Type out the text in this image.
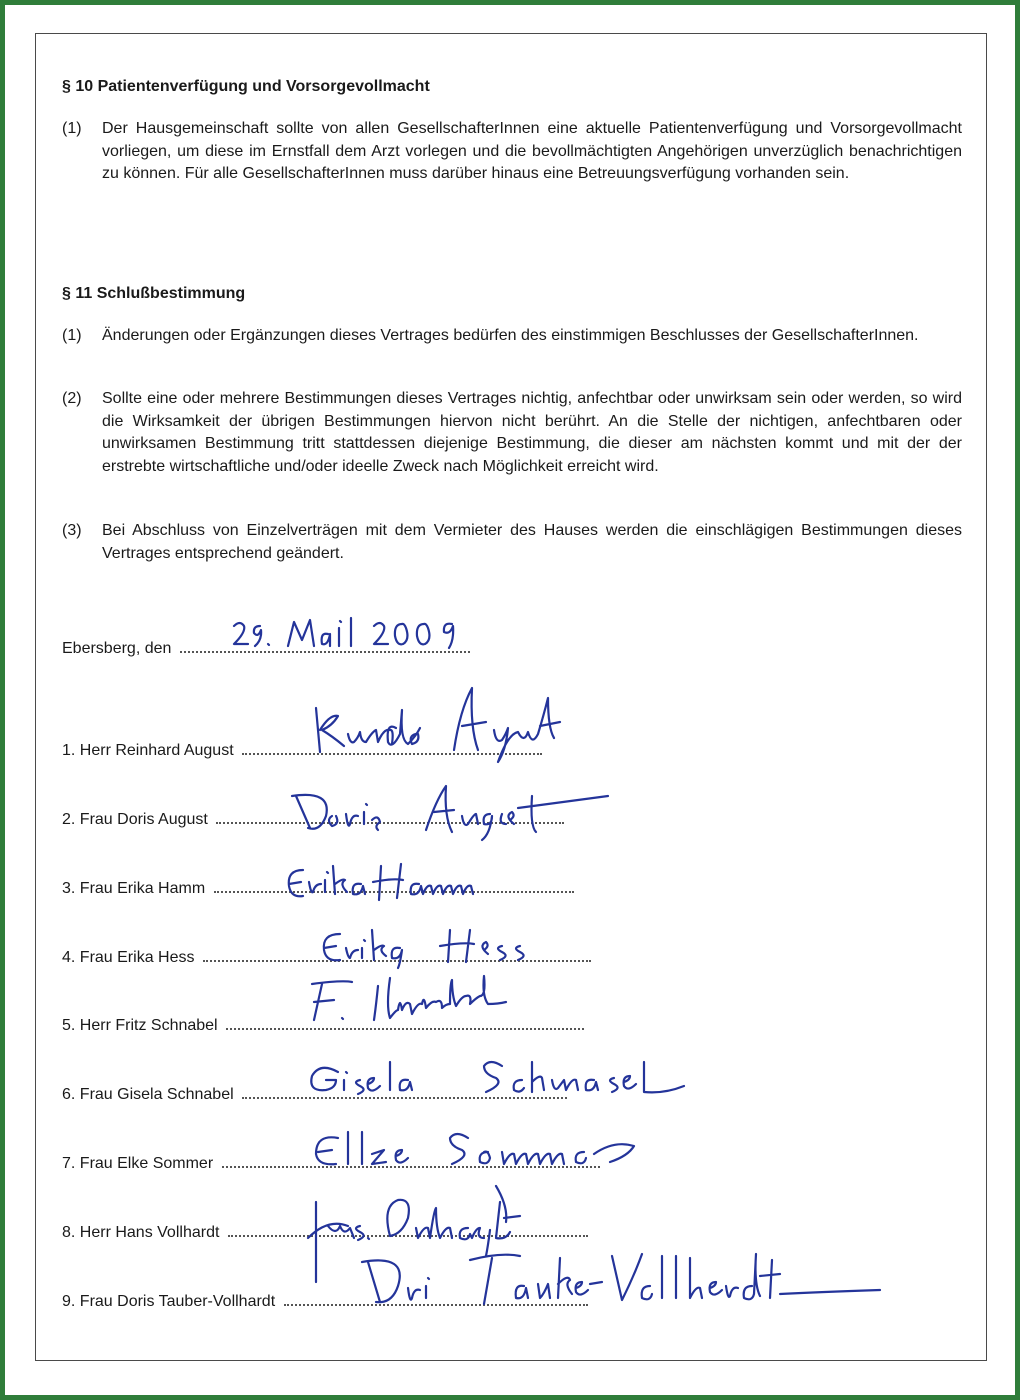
§ 10 Patientenverfügung und Vorsorgevollmacht
(1) Der Hausgemeinschaft sollte von allen GesellschafterInnen eine aktuelle Patientenverfügung und Vorsorgevollmacht vorliegen, um diese im Ernstfall dem Arzt vorlegen und die bevollmächtigten Angehörigen unverzüglich benachrichtigen zu können. Für alle GesellschafterInnen muss darüber hinaus eine Betreuungsverfügung vorhanden sein.
§ 11 Schlußbestimmung
(1) Änderungen oder Ergänzungen dieses Vertrages bedürfen des einstimmigen Beschlusses der GesellschafterInnen.
(2) Sollte eine oder mehrere Bestimmungen dieses Vertrages nichtig, anfechtbar oder unwirksam sein oder werden, so wird die Wirksamkeit der übrigen Bestimmungen hiervon nicht berührt. An die Stelle der nichtigen, anfechtbaren oder unwirksamen Bestimmung tritt stattdessen diejenige Bestimmung, die dieser am nächsten kommt und mit der der erstrebte wirtschaftliche und/oder ideelle Zweck nach Möglichkeit erreicht wird.
(3) Bei Abschluss von Einzelverträgen mit dem Vermieter des Hauses werden die einschlägigen Bestimmungen dieses Vertrages entsprechend geändert.
Ebersberg, den
1. Herr Reinhard August
2. Frau Doris August
3. Frau Erika Hamm
4. Frau Erika Hess
5. Herr Fritz Schnabel
6. Frau Gisela Schnabel
7. Frau Elke Sommer
8. Herr Hans Vollhardt
9. Frau Doris Tauber-Vollhardt
